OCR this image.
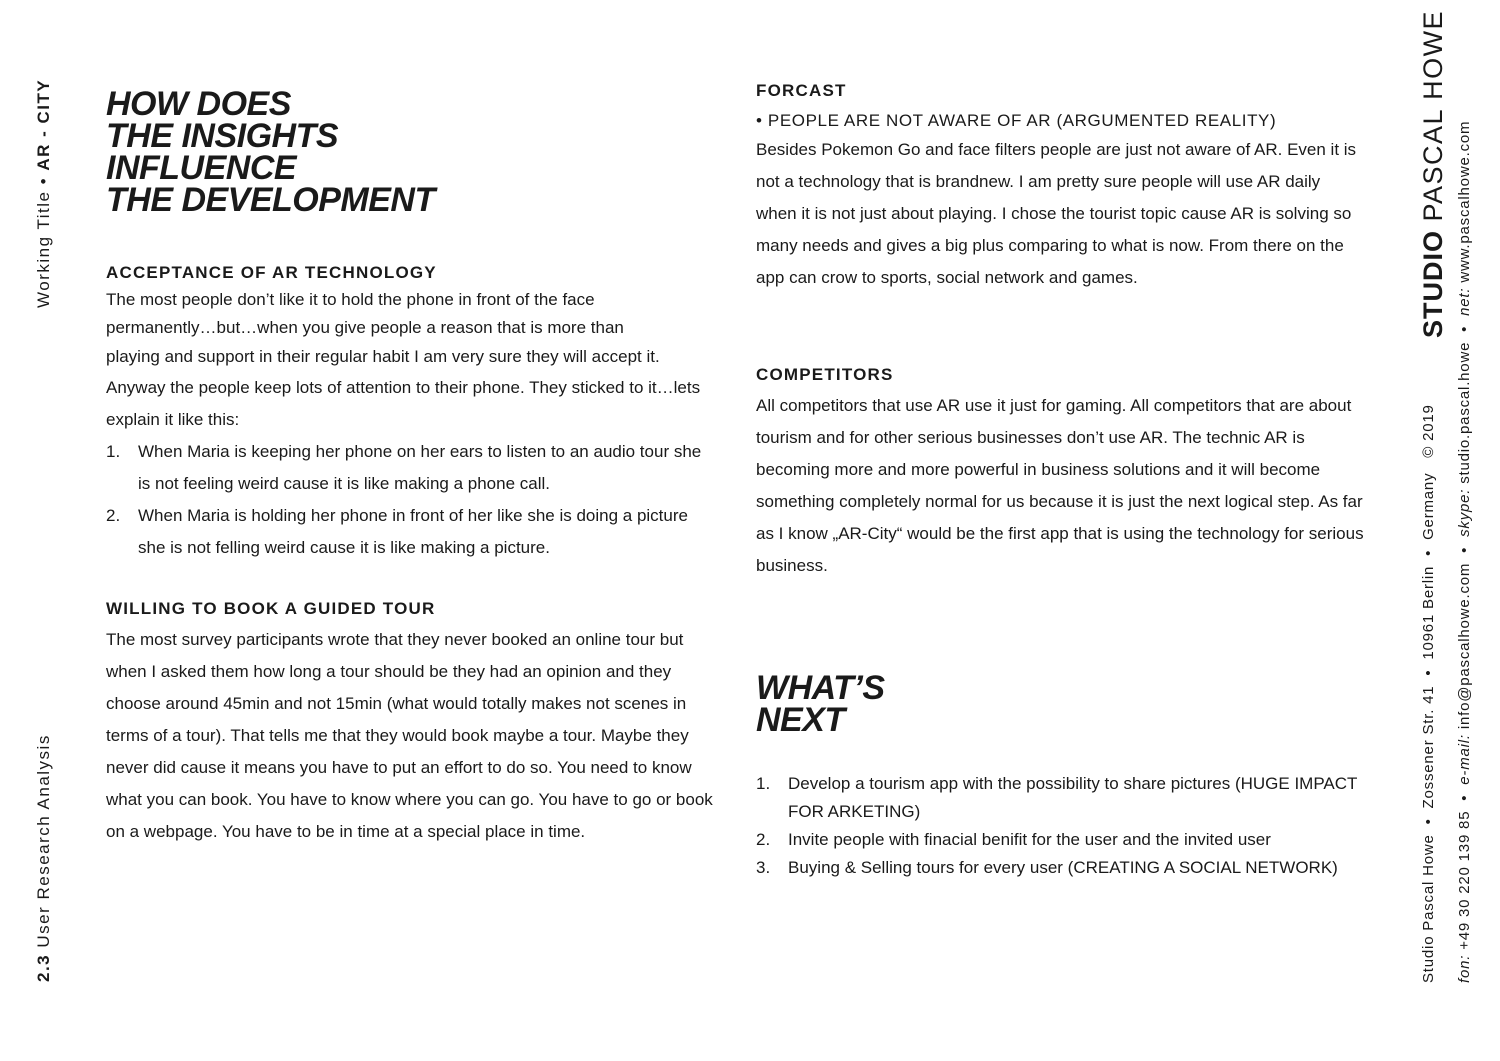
Working Title • AR - CITY
2.3 User Research Analysis
HOW DOES
THE INSIGHTS
INFLUENCE
THE DEVELOPMENT
ACCEPTANCE OF AR TECHNOLOGY
The most people don’t like it to hold the phone in front of the face
permanently…but…when you give people a reason that is more than
playing and support in their regular habit I am very sure they will accept it.

Anyway the people keep lots of attention to their phone. They sticked to it…lets explain it like this:

1. When Maria is keeping her phone on her ears to listen to an audio tour she is not feeling weird cause it is like making a phone call.
2. When Maria is holding her phone in front of her like she is doing a picture she is not felling weird cause it is like making a picture.
WILLING TO BOOK A GUIDED TOUR

The most survey participants wrote that they never booked an online tour but when I asked them how long a tour should be they had an opinion and they choose around 45min and not 15min (what would totally makes not scenes in terms of a tour). That tells me that they would book maybe a tour. Maybe they never did cause it means you have to put an effort to do so. You need to know what you can book. You have to know where you can go. You have to go or book on a webpage. You have to be in time at a special place in time.

FORCAST

• PEOPLE ARE NOT AWARE OF AR (ARGUMENTED REALITY)

Besides Pokemon Go and face filters people are just not aware of AR. Even it is not a technology that is brandnew. I am pretty sure people will use AR daily when it is not just about playing. I chose the tourist topic cause AR is solving so many needs and gives a big plus comparing to what is now. From there on the app can crow to sports, social network and games.

COMPETITORS

All competitors that use AR use it just for gaming. All competitors that are about tourism and for other serious businesses don’t use AR. The technic AR is becoming more and more powerful in business solutions and it will become something completely normal for us because it is just the next logical step. As far as I know „AR-City“ would be the first app that is using the technology for serious business.

WHAT’S
NEXT
1. Develop a tourism app with the possibility to share pictures (HUGE IMPACT FOR ARKETING)
2. Invite people with finacial benifit for the user and the invited user
3. Buying & Selling tours for every user (CREATING A SOCIAL NETWORK)
STUDIO PASCAL HOWE
Studio Pascal Howe  •  Zossener Str. 41  •  10961 Berlin  •  Germany   © 2019 fon: +49 30 220 139 85  •  e-mail: info@pascalhowe.com  •  skype: studio.pascal.howe  •  net: www.pascalhowe.com
